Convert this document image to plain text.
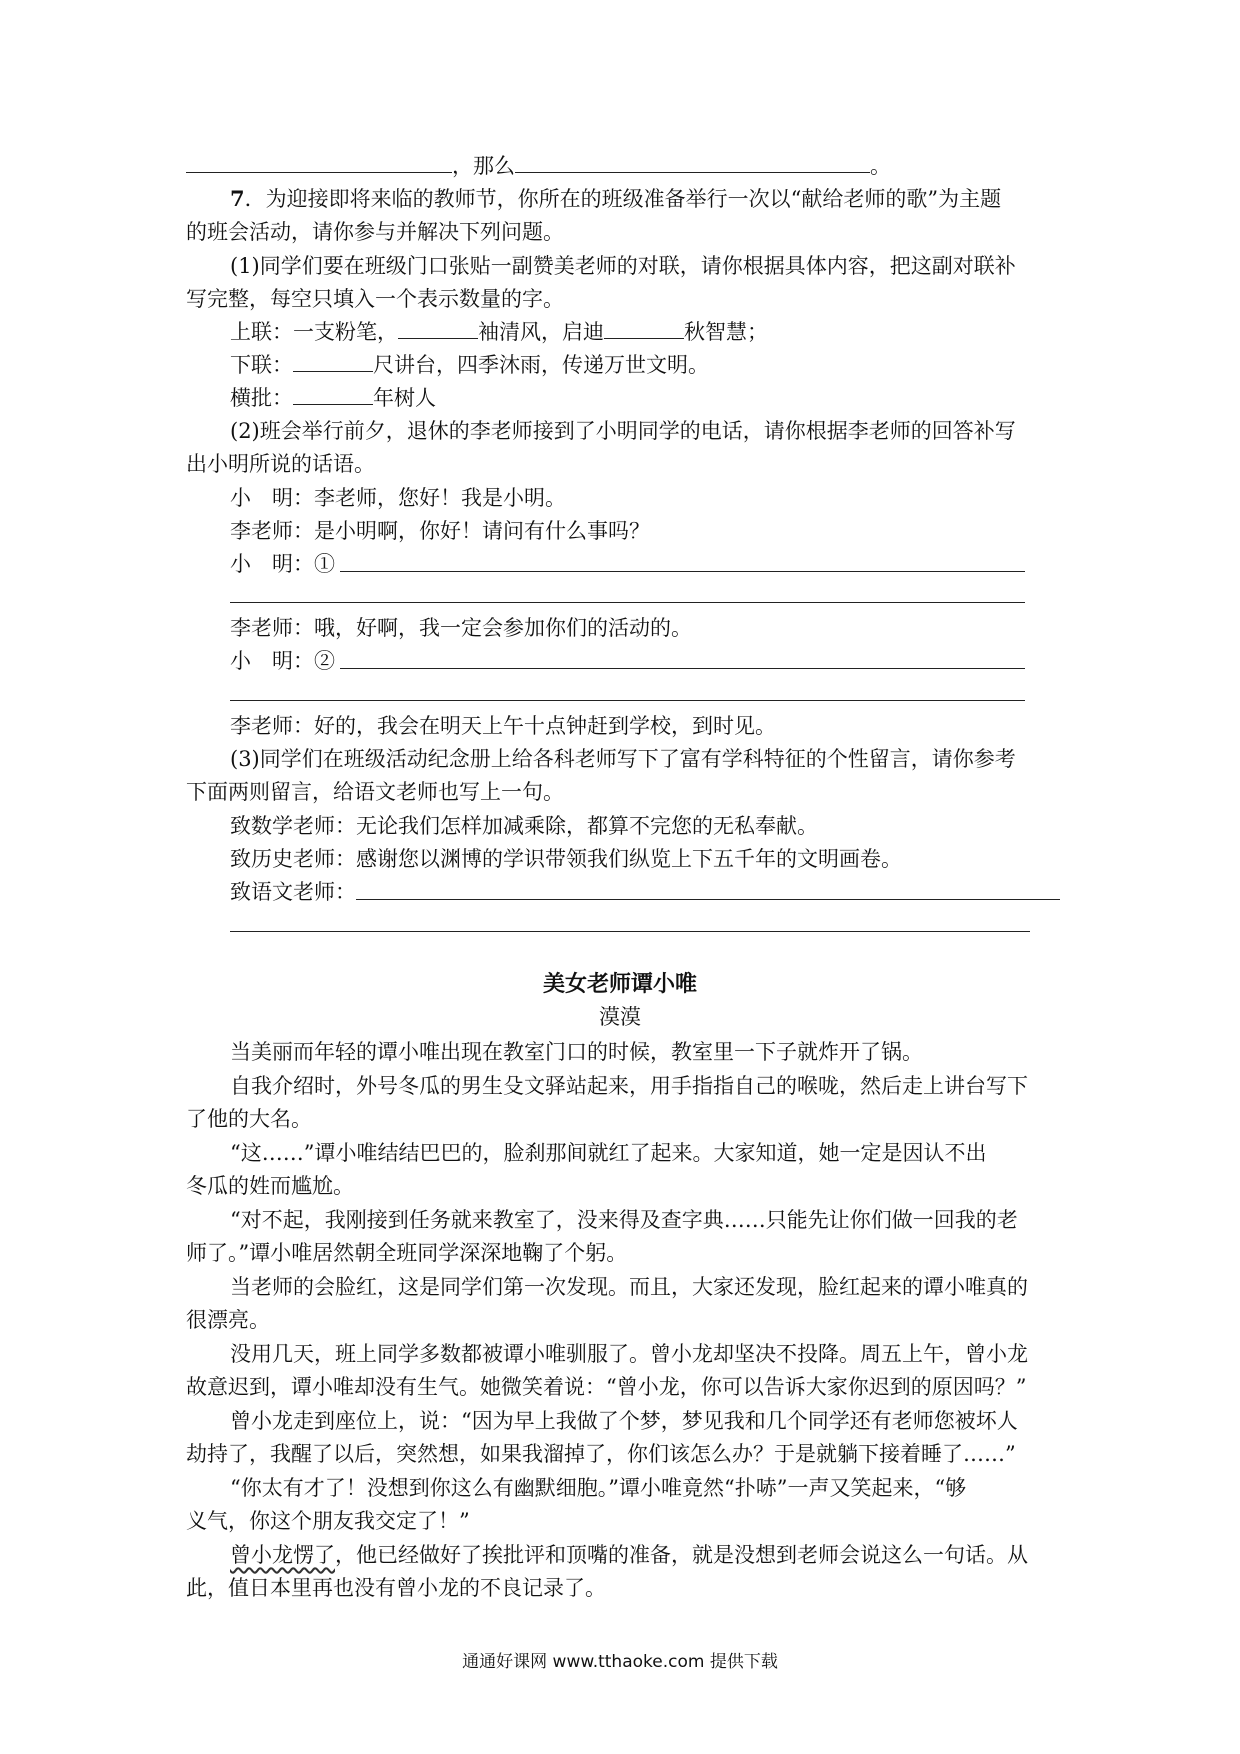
，那么	。
7．为迎接即将来临的教师节，你所在的班级准备举行一次以“献给老师的歌”为主题
的班会活动，请你参与并解决下列问题。
(1)同学们要在班级门口张贴一副赞美老师的对联，请你根据具体内容，把这副对联补
写完整，每空只填入一个表示数量的字。
上联：一支粉笔，	袖清风，启迪	秋智慧；
下联：	尺讲台，四季沐雨，传递万世文明。
横批：	年树人
(2)班会举行前夕，退休的李老师接到了小明同学的电话，请你根据李老师的回答补写
出小明所说的话语。
小　明：李老师，您好！我是小明。
李老师：是小明啊，你好！请问有什么事吗？
小　明：①
李老师：哦，好啊，我一定会参加你们的活动的。
小　明：②
李老师：好的，我会在明天上午十点钟赶到学校，到时见。
(3)同学们在班级活动纪念册上给各科老师写下了富有学科特征的个性留言，请你参考
下面两则留言，给语文老师也写上一句。
致数学老师：无论我们怎样加减乘除，都算不完您的无私奉献。
致历史老师：感谢您以渊博的学识带领我们纵览上下五千年的文明画卷。
致语文老师：
美女老师谭小唯
漠漠
当美丽而年轻的谭小唯出现在教室门口的时候，教室里一下子就炸开了锅。
自我介绍时，外号冬瓜的男生殳文驿站起来，用手指指自己的喉咙，然后走上讲台写下
了他的大名。
“这……”谭小唯结结巴巴的，脸刹那间就红了起来。大家知道，她一定是因认不出
冬瓜的姓而尴尬。
“对不起，我刚接到任务就来教室了，没来得及查字典……只能先让你们做一回我的老
师了。”谭小唯居然朝全班同学深深地鞠了个躬。
当老师的会脸红，这是同学们第一次发现。而且，大家还发现，脸红起来的谭小唯真的
很漂亮。
没用几天，班上同学多数都被谭小唯驯服了。曾小龙却坚决不投降。周五上午，曾小龙
故意迟到，谭小唯却没有生气。她微笑着说：“曾小龙，你可以告诉大家你迟到的原因吗？”
曾小龙走到座位上，说：“因为早上我做了个梦，梦见我和几个同学还有老师您被坏人
劫持了，我醒了以后，突然想，如果我溜掉了，你们该怎么办？于是就躺下接着睡了……”
“你太有才了！没想到你这么有幽默细胞。”谭小唯竟然“扑哧”一声又笑起来，“够
义气，你这个朋友我交定了！”
曾小龙愣了，他已经做好了挨批评和顶嘴的准备，就是没想到老师会说这么一句话。从
此，值日本里再也没有曾小龙的不良记录了。
通通好课网 www.tthaoke.com 提供下载
